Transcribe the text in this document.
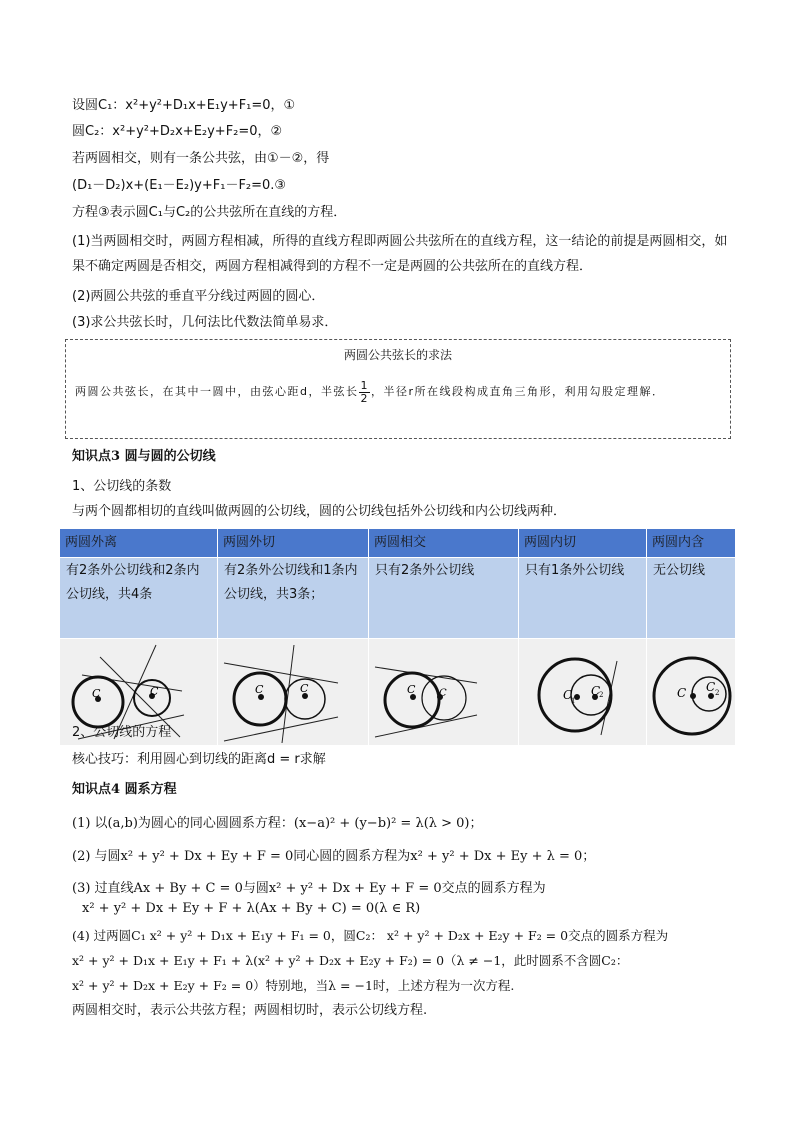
设圆C₁：x²+y²+D₁x+E₁y+F₁=0，①
圆C₂：x²+y²+D₂x+E₂y+F₂=0，②
若两圆相交，则有一条公共弦，由①－②，得
(D₁－D₂)x+(E₁－E₂)y+F₁－F₂=0.③
方程③表示圆C₁与C₂的公共弦所在直线的方程．
(1)当两圆相交时，两圆方程相减，所得的直线方程即两圆公共弦所在的直线方程，这一结论的前提是两圆相交，如果不确定两圆是否相交，两圆方程相减得到的方程不一定是两圆的公共弦所在的直线方程．
(2)两圆公共弦的垂直平分线过两圆的圆心．
(3)求公共弦长时，几何法比代数法简单易求．
两圆公共弦长的求法
两圆公共弦长，在其中一圆中，由弦心距d，半弦长 $\frac{1}{2}$ ，半径r所在线段构成直角三角形，利用勾股定理解．
知识点3 圆与圆的公切线
1、公切线的条数
与两个圆都相切的直线叫做两圆的公切线，圆的公切线包括外公切线和内公切线两种．
两圆外离	两圆外切	两圆相交	两圆内切	两圆内含
有2条外公切线和2条内公切线，共4条	有2条外公切线和1条内公切线，共3条；	只有2条外公切线	只有1条外公切线	无公切线

C C	C C	C C	C
1
C
2	C C 2
2、公切线的方程
核心技巧：利用圆心到切线的距离d = r求解
知识点4 圆系方程
(1) 以(a,b)为圆心的同心圆圆系方程：(x−a)² + (y−b)² = λ(λ > 0)；
(2) 与圆x² + y² + Dx + Ey + F = 0同心圆的圆系方程为x² + y² + Dx + Ey + λ = 0；
(3) 过直线Ax + By + C = 0与圆x² + y² + Dx + Ey + F = 0交点的圆系方程为
x² + y² + Dx + Ey + F + λ(Ax + By + C) = 0(λ ∈ R)
(4) 过两圆C₁ x² + y² + D₁x + E₁y + F₁ = 0，圆C₂： x² + y² + D₂x + E₂y + F₂ = 0交点的圆系方程为
x² + y² + D₁x + E₁y + F₁ + λ(x² + y² + D₂x + E₂y + F₂) = 0（λ ≠ −1，此时圆系不含圆C₂：
x² + y² + D₂x + E₂y + F₂ = 0）特别地，当λ = −1时，上述方程为一次方程.
两圆相交时，表示公共弦方程；两圆相切时，表示公切线方程.
